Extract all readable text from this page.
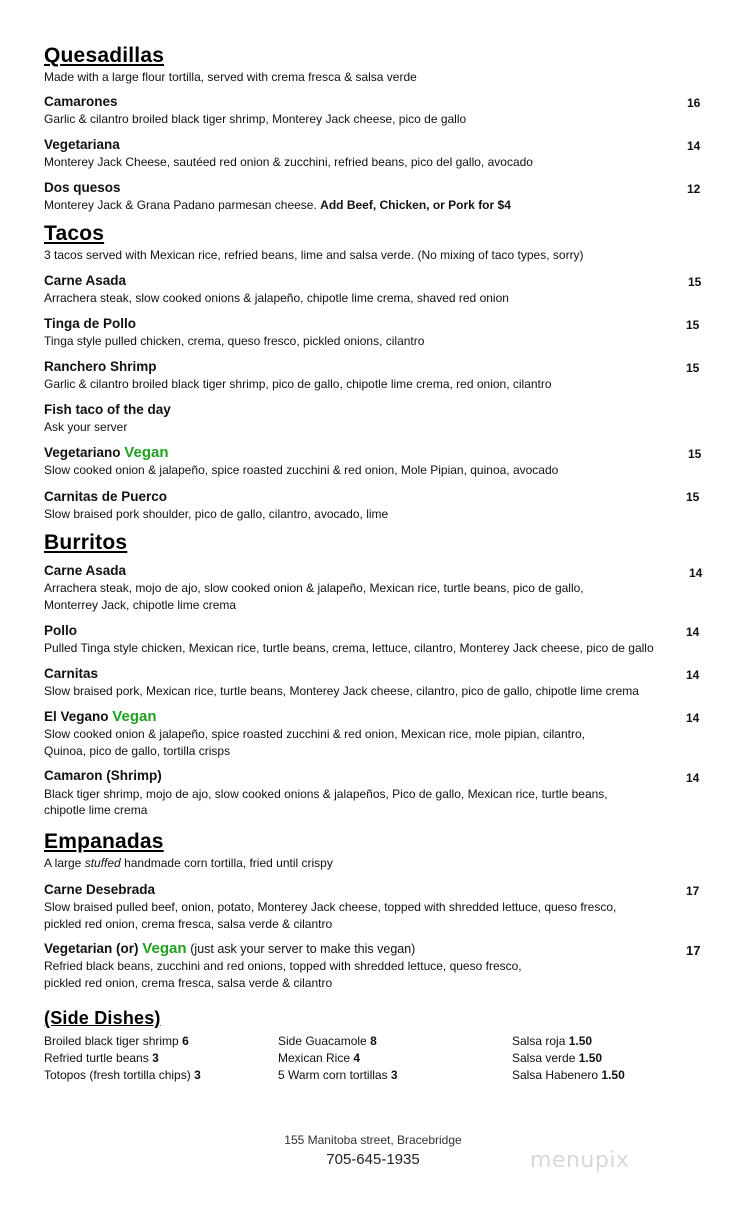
Quesadillas

Made with a large flour tortilla, served with crema fresca & salsa verde

Camarones	16

Garlic & cilantro broiled black tiger shrimp, Monterey Jack cheese, pico de gallo

Vegetariana	14

Monterey Jack Cheese, sautéed red onion & zucchini, refried beans, pico del gallo, avocado

Dos quesos	12

Monterey Jack & Grana Padano parmesan cheese. Add Beef, Chicken, or Pork for $4

Tacos

3 tacos served with Mexican rice, refried beans, lime and salsa verde. (No mixing of taco types, sorry)

Carne Asada	15

Arrachera steak, slow cooked onions & jalapeño, chipotle lime crema, shaved red onion

Tinga de Pollo	15

Tinga style pulled chicken, crema, queso fresco, pickled onions, cilantro

Ranchero Shrimp	15

Garlic & cilantro broiled black tiger shrimp, pico de gallo, chipotle lime crema, red onion, cilantro

Fish taco of the day

Ask your server

Vegetariano Vegan	15

Slow cooked onion & jalapeño, spice roasted zucchini & red onion, Mole Pipian, quinoa, avocado

Carnitas de Puerco	15

Slow braised pork shoulder, pico de gallo, cilantro, avocado, lime

Burritos

Carne Asada	14

Arrachera steak, mojo de ajo, slow cooked onion & jalapeño, Mexican rice, turtle beans, pico de gallo,

Monterrey Jack, chipotle lime crema

Pollo	14

Pulled Tinga style chicken, Mexican rice, turtle beans, crema, lettuce, cilantro, Monterey Jack cheese, pico de gallo

Carnitas	14

Slow braised pork, Mexican rice, turtle beans, Monterey Jack cheese, cilantro, pico de gallo, chipotle lime crema

El Vegano Vegan	14

Slow cooked onion & jalapeño, spice roasted zucchini & red onion, Mexican rice, mole pipian, cilantro,

Quinoa, pico de gallo, tortilla crisps

Camaron (Shrimp)	14

Black tiger shrimp, mojo de ajo, slow cooked onions & jalapeños, Pico de gallo, Mexican rice, turtle beans,

chipotle lime crema

Empanadas

A large stuffed handmade corn tortilla, fried until crispy

Carne Desebrada	17

Slow braised pulled beef, onion, potato, Monterey Jack cheese, topped with shredded lettuce, queso fresco,

pickled red onion, crema fresca, salsa verde & cilantro

Vegetarian (or) Vegan (just ask your server to make this vegan)	17

Refried black beans, zucchini and red onions, topped with shredded lettuce, queso fresco,

pickled red onion, crema fresca, salsa verde & cilantro

(Side Dishes)

Broiled black tiger shrimp 6

Refried turtle beans 3

Totopos (fresh tortilla chips) 3

Side Guacamole 8

Mexican Rice 4

5 Warm corn tortillas 3

Salsa roja 1.50

Salsa verde 1.50

Salsa Habenero 1.50

155 Manitoba street, Bracebridge
705-645-1935	menupix
